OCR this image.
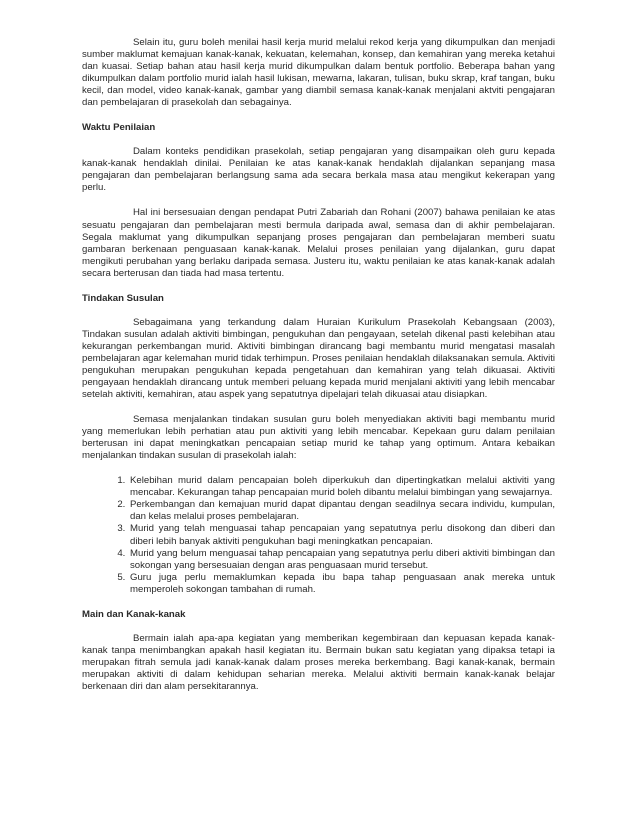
Selain itu, guru boleh menilai hasil kerja murid melalui rekod kerja yang dikumpulkan dan menjadi sumber maklumat kemajuan kanak-kanak, kekuatan, kelemahan, konsep, dan kemahiran yang mereka ketahui dan kuasai. Setiap bahan atau hasil kerja murid dikumpulkan dalam bentuk portfolio. Beberapa bahan yang dikumpulkan dalam portfolio murid ialah hasil lukisan, mewarna, lakaran, tulisan, buku skrap, kraf tangan, buku kecil, dan model, video kanak-kanak, gambar yang diambil semasa kanak-kanak menjalani aktviti pengajaran dan pembelajaran di prasekolah dan sebagainya.

Waktu Penilaian

Dalam konteks pendidikan prasekolah, setiap pengajaran yang disampaikan oleh guru kepada kanak-kanak hendaklah dinilai. Penilaian ke atas kanak-kanak hendaklah dijalankan sepanjang masa pengajaran dan pembelajaran berlangsung sama ada secara berkala masa atau mengikut kekerapan yang perlu.

Hal ini bersesuaian dengan pendapat Putri Zabariah dan Rohani (2007) bahawa penilaian ke atas sesuatu pengajaran dan pembelajaran mesti bermula daripada awal, semasa dan di akhir pembelajaran. Segala maklumat yang dikumpulkan sepanjang proses pengajaran dan pembelajaran memberi suatu gambaran berkenaan penguasaan kanak-kanak. Melalui proses penilaian yang dijalankan, guru dapat mengikuti perubahan yang berlaku daripada semasa. Justeru itu, waktu penilaian ke atas kanak-kanak adalah secara berterusan dan tiada had masa tertentu.

Tindakan Susulan

Sebagaimana yang terkandung dalam Huraian Kurikulum Prasekolah Kebangsaan (2003), Tindakan susulan adalah aktiviti bimbingan, pengukuhan dan pengayaan, setelah dikenal pasti kelebihan atau kekurangan perkembangan murid. Aktiviti bimbingan dirancang bagi membantu murid mengatasi masalah pembelajaran agar kelemahan murid tidak terhimpun. Proses penilaian hendaklah dilaksanakan semula. Aktiviti pengukuhan merupakan pengukuhan kepada pengetahuan dan kemahiran yang telah dikuasai. Aktiviti pengayaan hendaklah dirancang untuk memberi peluang kepada murid menjalani aktiviti yang lebih mencabar setelah aktiviti, kemahiran, atau aspek yang sepatutnya dipelajari telah dikuasai atau disiapkan.

Semasa menjalankan tindakan susulan guru boleh menyediakan aktiviti bagi membantu murid yang memerlukan lebih perhatian atau pun aktiviti yang lebih mencabar. Kepekaan guru dalam penilaian berterusan ini dapat meningkatkan pencapaian setiap murid ke tahap yang optimum. Antara kebaikan menjalankan tindakan susulan di prasekolah ialah:

1. Kelebihan murid dalam pencapaian boleh diperkukuh dan dipertingkatkan melalui aktiviti yang mencabar. Kekurangan tahap pencapaian murid boleh dibantu melalui bimbingan yang sewajarnya.
2. Perkembangan dan kemajuan murid dapat dipantau dengan seadilnya secara individu, kumpulan, dan kelas melalui proses pembelajaran.
3. Murid yang telah menguasai tahap pencapaian yang sepatutnya perlu disokong dan diberi dan diberi lebih banyak aktiviti pengukuhan bagi meningkatkan pencapaian.
4. Murid yang belum menguasai tahap pencapaian yang sepatutnya perlu diberi aktiviti bimbingan dan sokongan yang bersesuaian dengan aras penguasaan murid tersebut.
5. Guru juga perlu memaklumkan kepada ibu bapa tahap penguasaan anak mereka untuk memperoleh sokongan tambahan di rumah.
Main dan Kanak-kanak

Bermain ialah apa-apa kegiatan yang memberikan kegembiraan dan kepuasan kepada kanak-kanak tanpa menimbangkan apakah hasil kegiatan itu. Bermain bukan satu kegiatan yang dipaksa tetapi ia merupakan fitrah semula jadi kanak-kanak dalam proses mereka berkembang. Bagi kanak-kanak, bermain merupakan aktiviti di dalam kehidupan seharian mereka. Melalui aktiviti bermain kanak-kanak belajar berkenaan diri dan alam persekitarannya.
